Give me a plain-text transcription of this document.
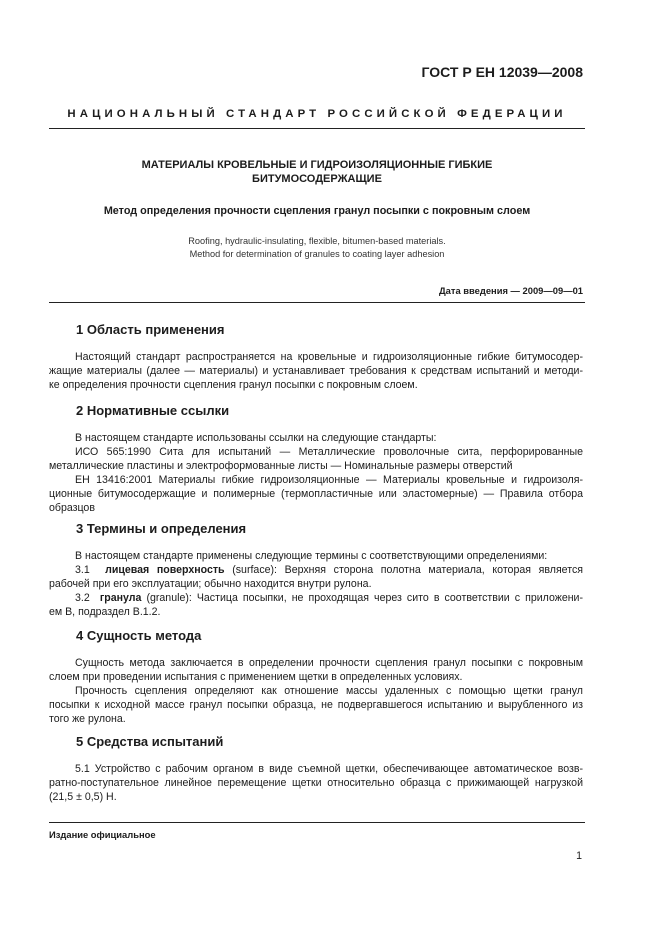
ГОСТ Р ЕН 12039—2008
НАЦИОНАЛЬНЫЙ СТАНДАРТ РОССИЙСКОЙ ФЕДЕРАЦИИ
МАТЕРИАЛЫ КРОВЕЛЬНЫЕ И ГИДРОИЗОЛЯЦИОННЫЕ ГИБКИЕ
БИТУМОСОДЕРЖАЩИЕ
Метод определения прочности сцепления гранул посыпки с покровным слоем
Roofing, hydraulic-insulating, flexible, bitumen-based materials.
Method for determination of granules to coating layer adhesion
Дата введения — 2009—09—01
1 Область применения
Настоящий стандарт распространяется на кровельные и гидроизоляционные гибкие битумосодер-
жащие материалы (далее — материалы) и устанавливает требования к средствам испытаний и методи-
ке определения прочности сцепления гранул посыпки с покровным слоем.
2 Нормативные ссылки
В настоящем стандарте использованы ссылки на следующие стандарты:
ИСО 565:1990 Сита для испытаний — Металлические проволочные сита, перфорированные
металлические пластины и электроформованные листы — Номинальные размеры отверстий
ЕН 13416:2001 Материалы гибкие гидроизоляционные — Материалы кровельные и гидроизоля-
ционные битумосодержащие и полимерные (термопластичные или эластомерные) — Правила отбора
образцов
3 Термины и определения
В настоящем стандарте применены следующие термины с соответствующими определениями:
3.1 лицевая поверхность (surface): Верхняя сторона полотна материала, которая является
рабочей при его эксплуатации; обычно находится внутри рулона.
3.2 гранула (granule): Частица посыпки, не проходящая через сито в соответствии с приложени-
ем В, подраздел В.1.2.
4 Сущность метода
Сущность метода заключается в определении прочности сцепления гранул посыпки с покровным
слоем при проведении испытания с применением щетки в определенных условиях.
Прочность сцепления определяют как отношение массы удаленных с помощью щетки гранул
посыпки к исходной массе гранул посыпки образца, не подвергавшегося испытанию и вырубленного из
того же рулона.
5 Средства испытаний
5.1 Устройство с рабочим органом в виде съемной щетки, обеспечивающее автоматическое возв-
ратно-поступательное линейное перемещение щетки относительно образца с прижимающей нагрузкой
(21,5 ± 0,5) Н.
Издание официальное
1
